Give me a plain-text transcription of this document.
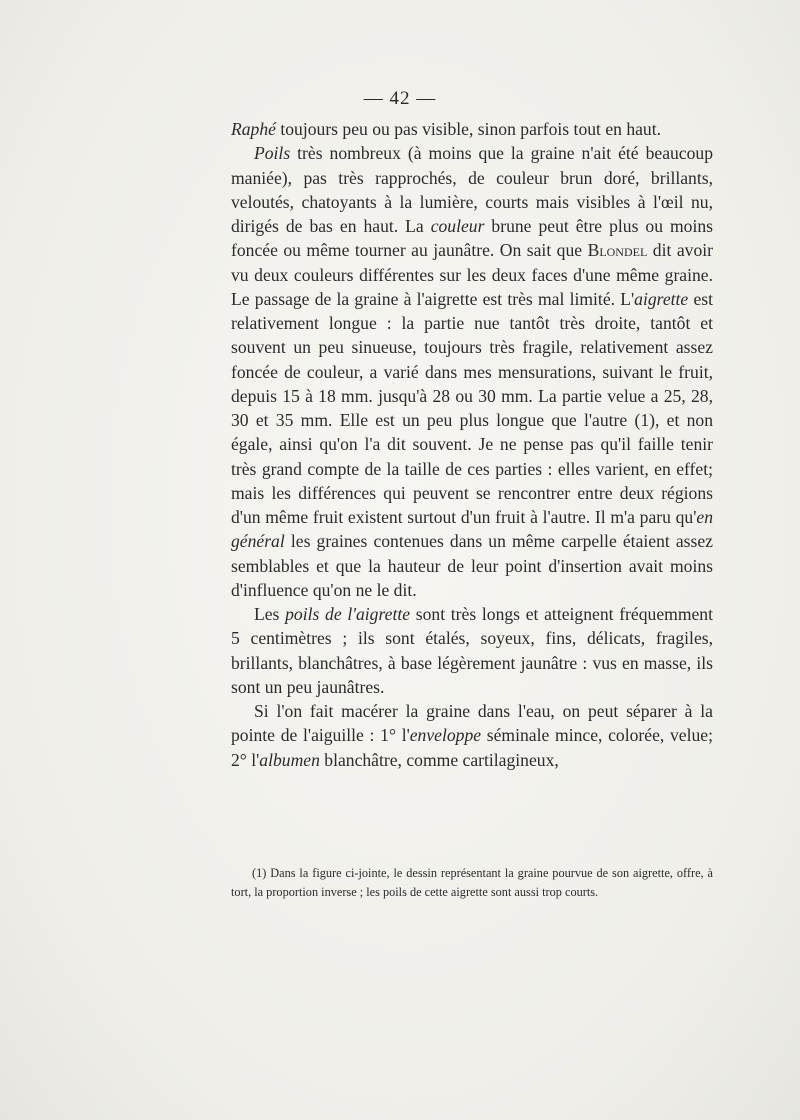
— 42 —

Raphé toujours peu ou pas visible, sinon parfois tout en haut.

Poils très nombreux (à moins que la graine n'ait été beaucoup maniée), pas très rapprochés, de couleur brun doré, brillants, veloutés, chatoyants à la lumière, courts mais visibles à l'œil nu, dirigés de bas en haut. La couleur brune peut être plus ou moins foncée ou même tourner au jaunâtre. On sait que Blondel dit avoir vu deux couleurs différentes sur les deux faces d'une même graine. Le passage de la graine à l'aigrette est très mal limité. L'aigrette est relativement longue : la partie nue tantôt très droite, tantôt et souvent un peu sinueuse, toujours très fragile, relativement assez foncée de couleur, a varié dans mes mensurations, suivant le fruit, depuis 15 à 18 mm. jusqu'à 28 ou 30 mm. La partie velue a 25, 28, 30 et 35 mm. Elle est un peu plus longue que l'autre (1), et non égale, ainsi qu'on l'a dit souvent. Je ne pense pas qu'il faille tenir très grand compte de la taille de ces parties : elles varient, en effet; mais les différences qui peuvent se rencontrer entre deux régions d'un même fruit existent surtout d'un fruit à l'autre. Il m'a paru qu'en général les graines contenues dans un même carpelle étaient assez semblables et que la hauteur de leur point d'insertion avait moins d'influence qu'on ne le dit.

Les poils de l'aigrette sont très longs et atteignent fréquemment 5 centimètres ; ils sont étalés, soyeux, fins, délicats, fragiles, brillants, blanchâtres, à base légèrement jaunâtre : vus en masse, ils sont un peu jaunâtres.

Si l'on fait macérer la graine dans l'eau, on peut séparer à la pointe de l'aiguille : 1° l'enveloppe séminale mince, colorée, velue; 2° l'albumen blanchâtre, comme cartilagineux,

(1) Dans la figure ci-jointe, le dessin représentant la graine pourvue de son aigrette, offre, à tort, la proportion inverse ; les poils de cette aigrette sont aussi trop courts.
